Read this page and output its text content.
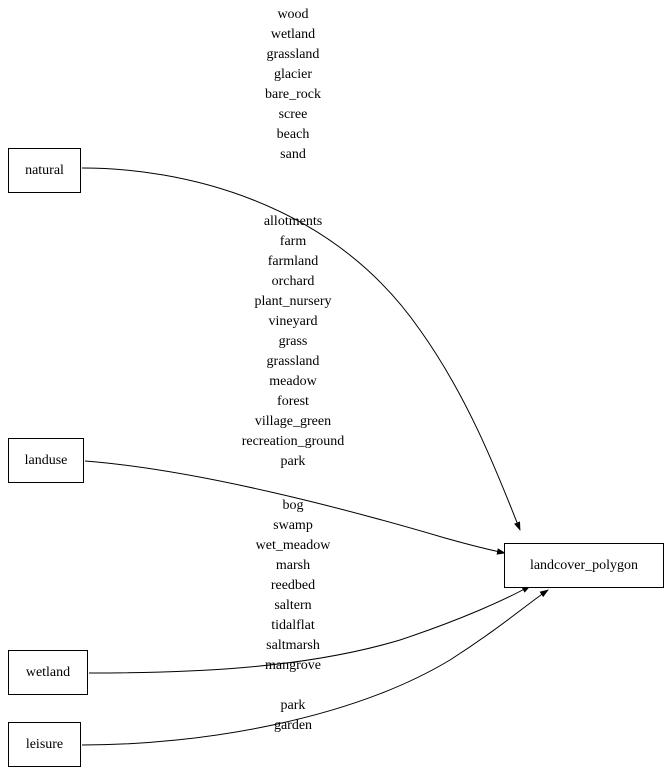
natural
landuse
wetland
leisure
landcover_polygon
wood
wetland
grassland
glacier
bare_rock
scree
beach
sand
allotments
farm
farmland
orchard
plant_nursery
vineyard
grass
grassland
meadow
forest
village_green
recreation_ground
park
bog
swamp
wet_meadow
marsh
reedbed
saltern
tidalflat
saltmarsh
mangrove
park
garden
